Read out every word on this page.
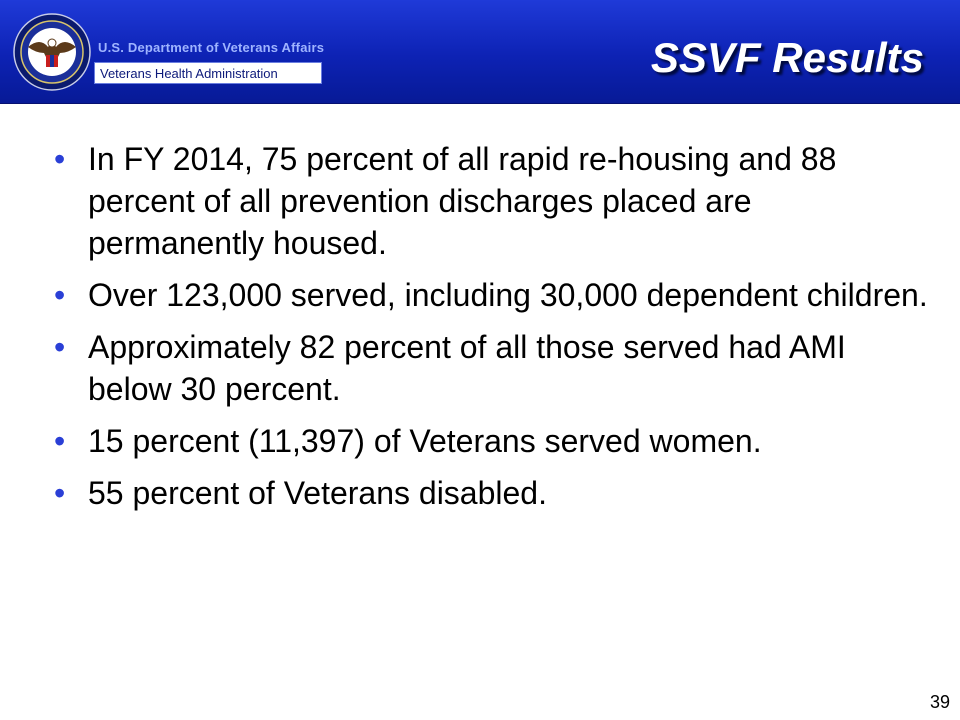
U.S. Department of Veterans Affairs
Veterans Health Administration	SSVF Results
• In FY 2014, 75 percent of all rapid re-housing and 88 percent of all prevention discharges placed are permanently housed.
• Over 123,000 served, including 30,000 dependent children.
• Approximately 82 percent of all those served had AMI below 30 percent.
• 15 percent (11,397) of Veterans served women.
• 55 percent of Veterans disabled.
39
